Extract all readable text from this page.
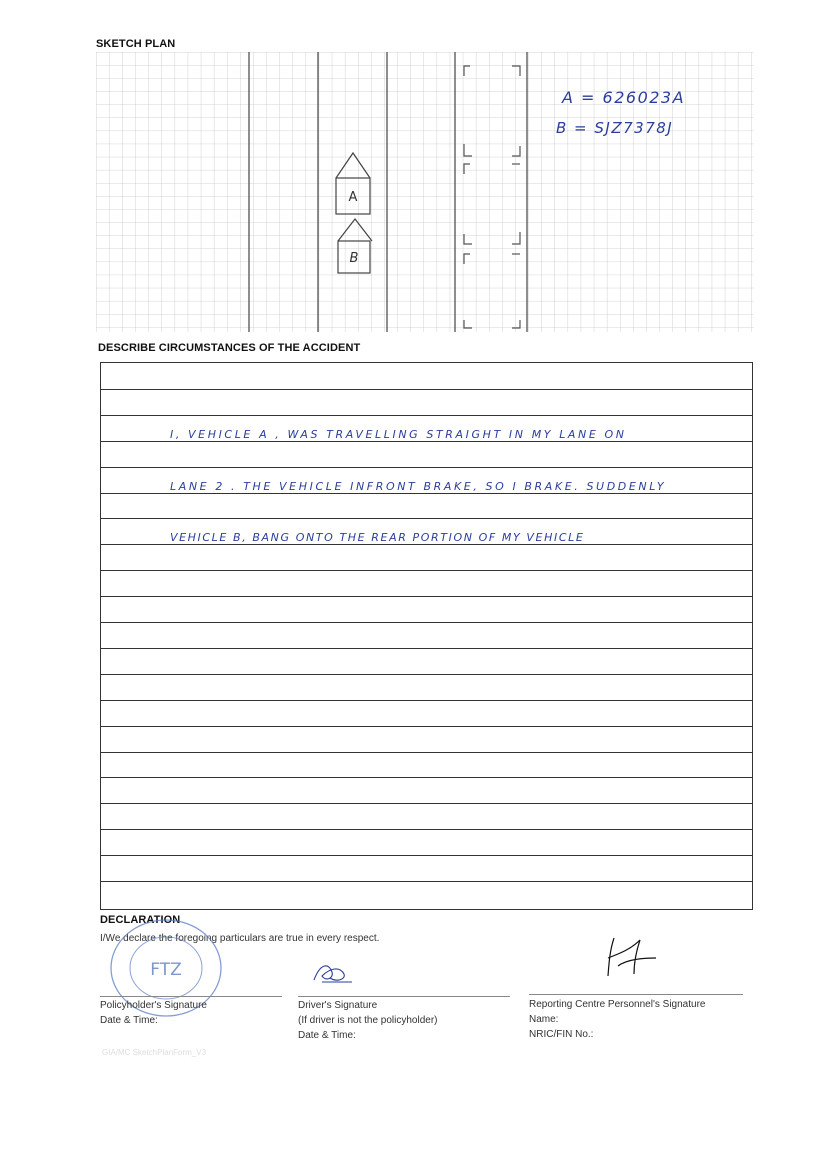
SKETCH PLAN
A
B
A = 626023A
B = SJZ7378J
DESCRIBE CIRCUMSTANCES OF THE ACCIDENT
I, VEHICLE A , WAS TRAVELLING STRAIGHT IN MY LANE ON
LANE 2 . THE VEHICLE INFRONT BRAKE, SO I BRAKE. SUDDENLY
VEHICLE B, BANG ONTO THE REAR PORTION OF MY VEHICLE
DECLARATION
I/We declare the foregoing particulars are true in every respect.
FTZ
Policyholder's Signature
Date & Time:
Driver's Signature
(If driver is not the policyholder)
Date & Time:
Reporting Centre Personnel's Signature
Name:
NRIC/FIN No.:
GIA/MC SketchPlanForm_V3
